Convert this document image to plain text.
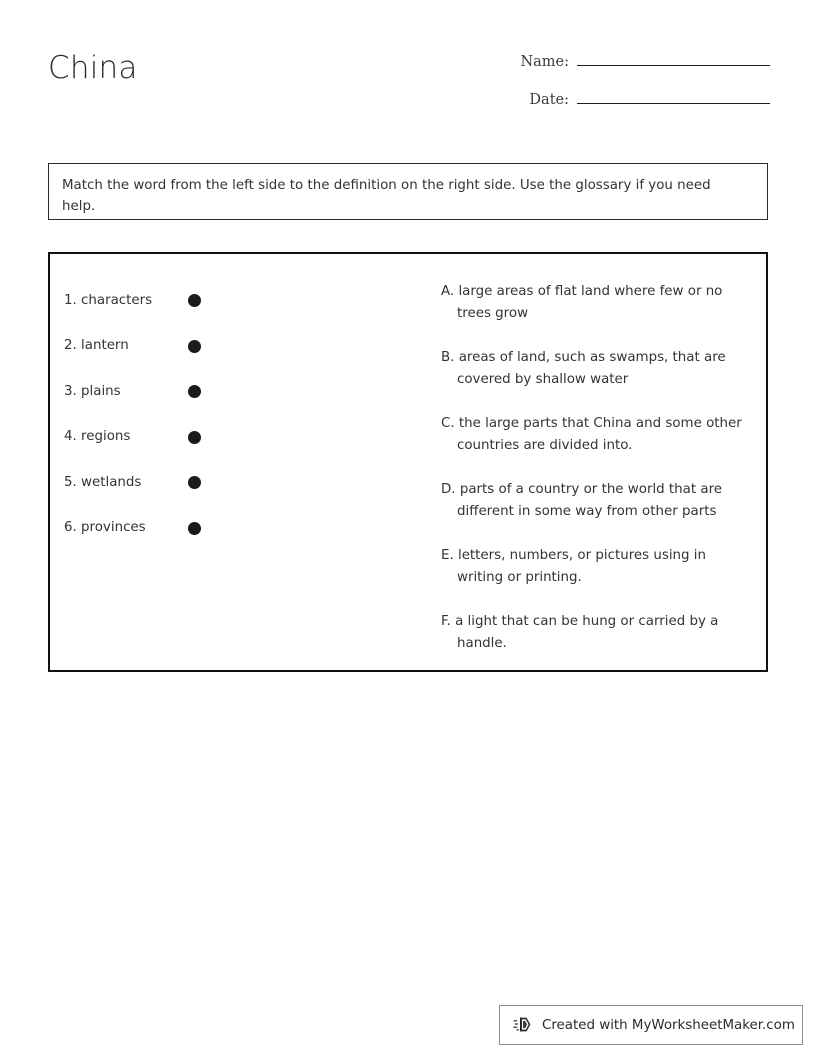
China	Name:
Date:
Match the word from the left side to the definition on the right side. Use the glossary if you need help.
1. characters
2. lantern
3. plains
4. regions
5. wetlands
6. provinces
A. large areas of flat land where few or no trees grow
B. areas of land, such as swamps, that are covered by shallow water
C. the large parts that China and some other countries are divided into.
D. parts of a country or the world that are different in some way from other parts
E. letters, numbers, or pictures using in writing or printing.
F. a light that can be hung or carried by a handle.
Created with MyWorksheetMaker.com
